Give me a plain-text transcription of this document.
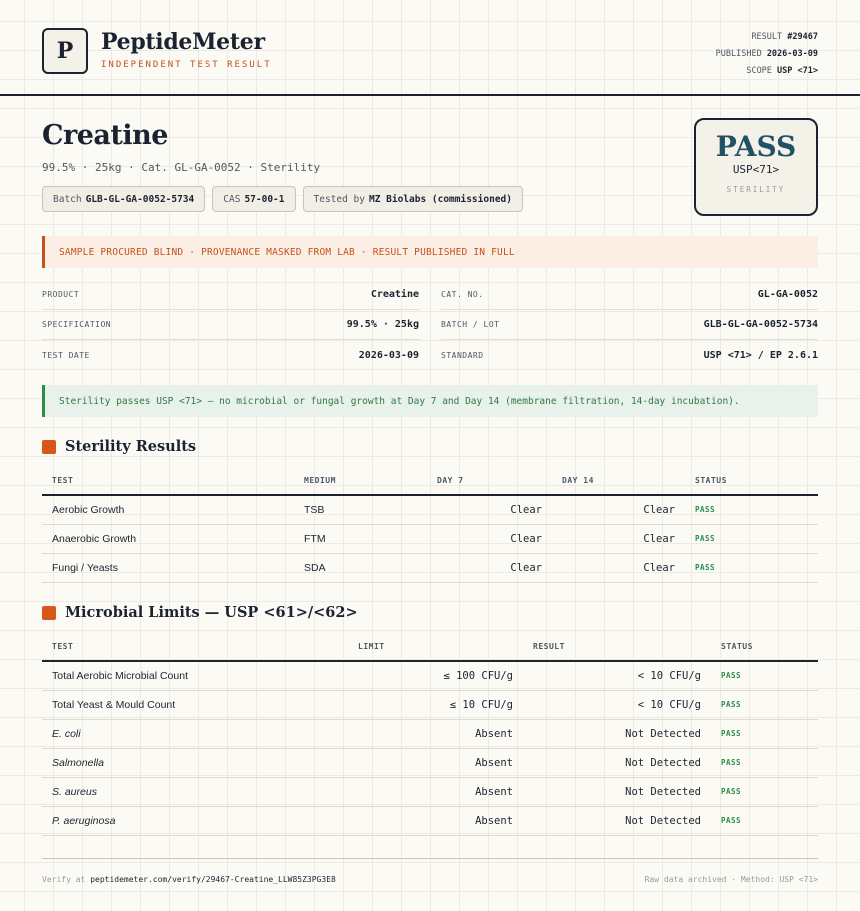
P	PeptideMeter
INDEPENDENT TEST RESULT
RESULT #29467
PUBLISHED 2026-03-09
SCOPE USP <71>
Creatine
99.5% · 25kg · Cat. GL-GA-0052 · Sterility
Batch GLB-GL-GA-0052-5734	CAS 57-00-1	Tested by MZ Biolabs (commissioned)
PASS
USP<71>
STERILITY
SAMPLE PROCURED BLIND · PROVENANCE MASKED FROM LAB · RESULT PUBLISHED IN FULL
PRODUCT	Creatine	CAT. NO.	GL-GA-0052
SPECIFICATION	99.5% · 25kg	BATCH / LOT	GLB-GL-GA-0052-5734
TEST DATE	2026-03-09	STANDARD	USP <71> / EP 2.6.1
Sterility passes USP <71> — no microbial or fungal growth at Day 7 and Day 14 (membrane filtration, 14-day incubation).
Sterility Results
TEST	MEDIUM	DAY 7	DAY 14	STATUS
Aerobic Growth	TSB	Clear	Clear	PASS
Anaerobic Growth	FTM	Clear	Clear	PASS
Fungi / Yeasts	SDA	Clear	Clear	PASS
Microbial Limits — USP <61>/<62>
TEST	LIMIT	RESULT	STATUS
Total Aerobic Microbial Count	≤ 100 CFU/g	< 10 CFU/g	PASS
Total Yeast & Mould Count	≤ 10 CFU/g	< 10 CFU/g	PASS
E. coli	Absent	Not Detected	PASS
Salmonella	Absent	Not Detected	PASS
S. aureus	Absent	Not Detected	PASS
P. aeruginosa	Absent	Not Detected	PASS
Verify at peptidemeter.com/verify/29467-Creatine_LLW85Z3PG3E8	Raw data archived · Method: USP <71>
